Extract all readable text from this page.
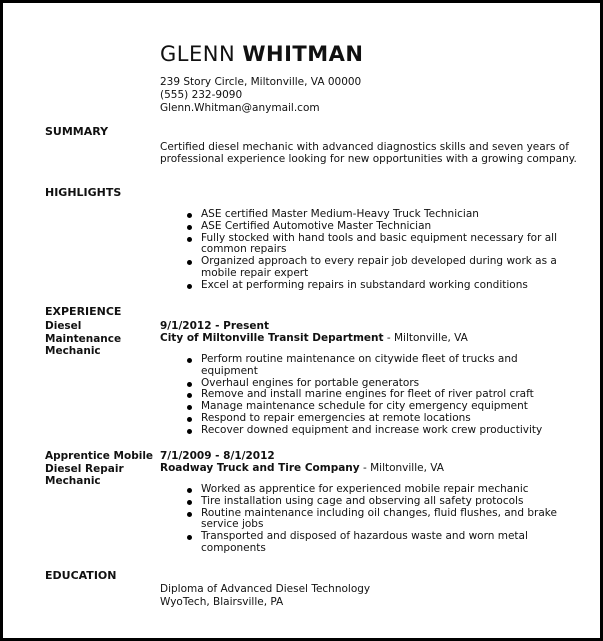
GLENN WHITMAN
239 Story Circle, Miltonville, VA 00000
(555) 232-9090
Glenn.Whitman@anymail.com
SUMMARY
Certified diesel mechanic with advanced diagnostics skills and seven years of professional experience looking for new opportunities with a growing company.
HIGHLIGHTS
ASE certified Master Medium-Heavy Truck Technician
ASE Certified Automotive Master Technician
Fully stocked with hand tools and basic equipment necessary for all common repairs
Organized approach to every repair job developed during work as a mobile repair expert
Excel at performing repairs in substandard working conditions
EXPERIENCE
Diesel Maintenance Mechanic
9/1/2012 - Present
City of Miltonville Transit Department - Miltonville, VA
Perform routine maintenance on citywide fleet of trucks and equipment
Overhaul engines for portable generators
Remove and install marine engines for fleet of river patrol craft
Manage maintenance schedule for city emergency equipment
Respond to repair emergencies at remote locations
Recover downed equipment and increase work crew productivity
Apprentice Mobile Diesel Repair Mechanic
7/1/2009 - 8/1/2012
Roadway Truck and Tire Company - Miltonville, VA
Worked as apprentice for experienced mobile repair mechanic
Tire installation using cage and observing all safety protocols
Routine maintenance including oil changes, fluid flushes, and brake service jobs
Transported and disposed of hazardous waste and worn metal components
EDUCATION
Diploma of Advanced Diesel Technology
WyoTech, Blairsville, PA
